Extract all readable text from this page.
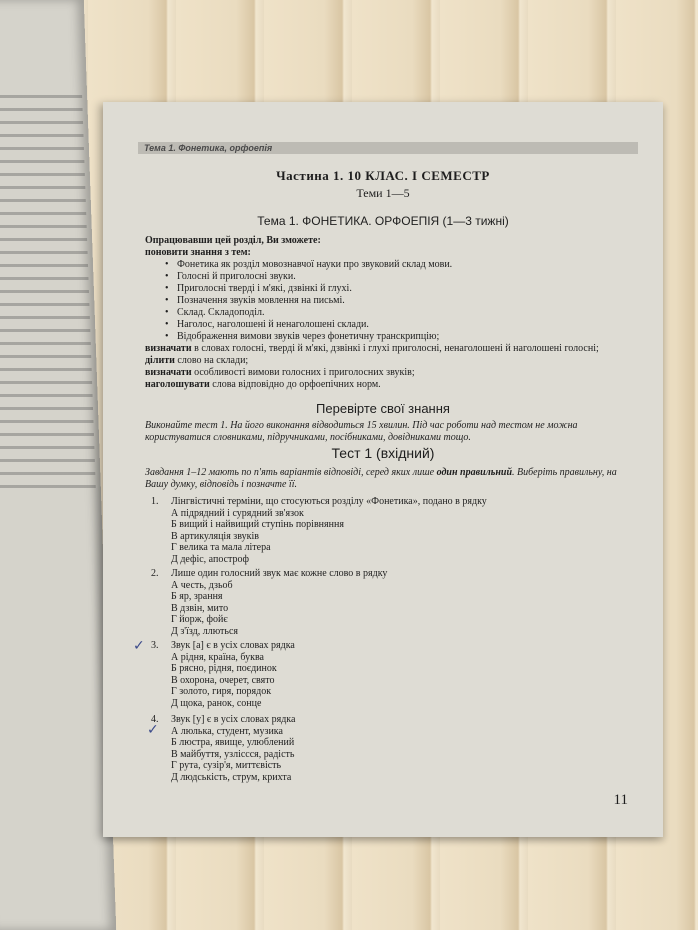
Тема 1. Фонетика, орфоепія
Частина 1. 10 КЛАС. І СЕМЕСТР
Теми 1—5
Тема 1. ФОНЕТИКА. ОРФОЕПІЯ (1—3 тижні)
Опрацювавши цей розділ, Ви зможете:
поновити знання з тем:
• Фонетика як розділ мовознавчої науки про звуковий склад мови.
• Голосні й приголосні звуки.
• Приголосні тверді і м'які, дзвінкі й глухі.
• Позначення звуків мовлення на письмі.
• Склад. Складоподіл.
• Наголос, наголошені й ненаголошені склади.
• Відображення вимови звуків через фонетичну транскрипцію;
визначати в словах голосні, тверді й м'які, дзвінкі і глухі приголосні, ненаголошені й наголошені голосні;
ділити слово на склади;
визначати особливості вимови голосних і приголосних звуків;
наголошувати слова відповідно до орфоепічних норм.
Перевірте свої знання
Виконайте тест 1. На його виконання відводиться 15 хвилин. Під час роботи над тестом не можна користуватися словниками, підручниками, посібниками, довідниками тощо.
Тест 1 (вхідний)
Завдання 1–12 мають по п'ять варіантів відповіді, серед яких лише один правильний. Виберіть правильну, на Вашу думку, відповідь і позначте її.
1.	Лінгвістичні терміни, що стосуються розділу «Фонетика», подано в рядку
А підрядний і сурядний зв'язок
Б вищий і найвищий ступінь порівняння
В артикуляція звуків
Г велика та мала літера
Д дефіс, апостроф
2.	Лише один голосний звук має кожне слово в рядку
А честь, дзьоб
Б яр, зрання
В дзвін, мито
Г йорж, фойє
Д з'їзд, ллються
3.	Звук [а] є в усіх словах рядка
А рідня, країна, буква
Б рясно, рідня, поєдинок
В охорона, очерет, свято
Г золото, гиря, порядок
Д щока, ранок, сонце
✓
4.	Звук [у] є в усіх словах рядка
А люлька, студент, музика
Б люстра, явище, улюблений
В майбуття, узліссся, радість
Г рута, сузір'я, миттєвість
Д людськість, струм, крихта
✓
11
